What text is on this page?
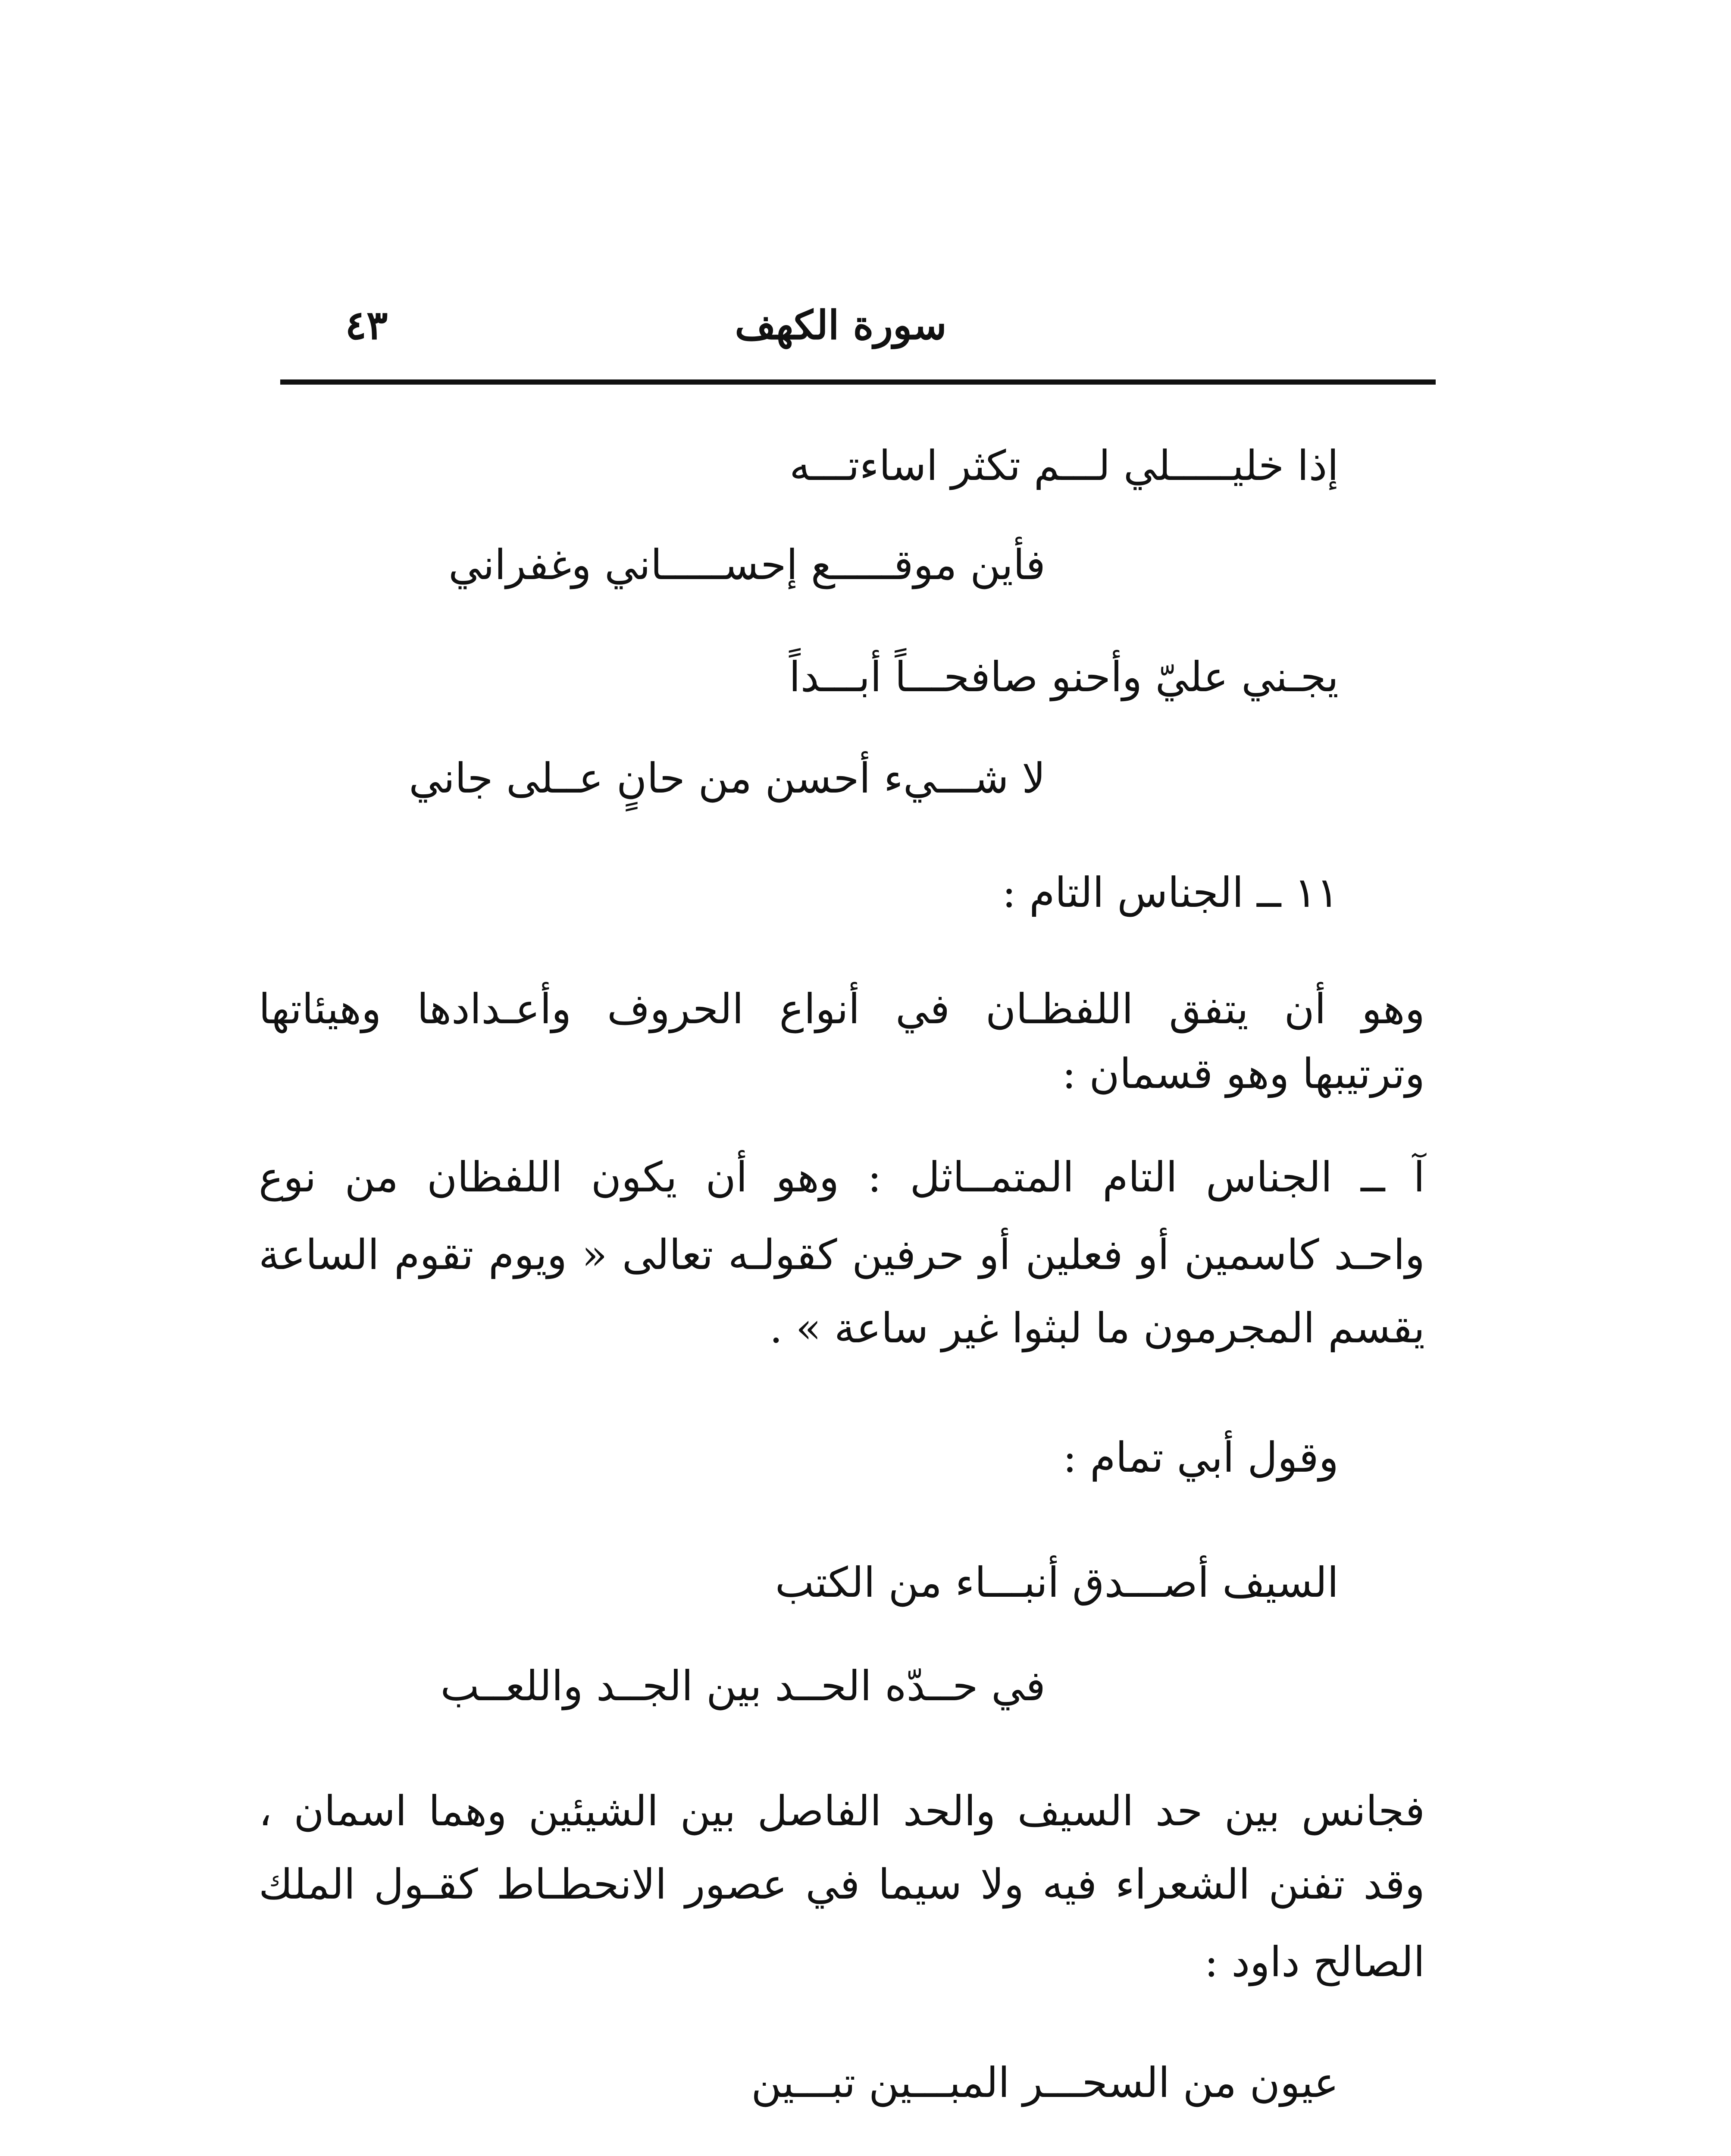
سورة الكهف
٤٣
إذا خليـــــلي لـــم تكثر اساءتـــه
فأين موقـــــع إحســـــاني وغفراني
يجـني عليّ وأحنو صافحـــاً أبـــداً
لا شـــيء أحسن من حانٍ عــلى جاني
١١ ــ الجناس التام :
وهو أن يتفق اللفظـان في أنواع الحروف وأعـدادها وهيئاتها
وترتيبها وهو قسمان :
آ ــ الجناس التام المتمــاثل : وهو أن يكون اللفظان من نوع
واحـد كاسمين أو فعلين أو حرفين كقولـه تعالى « ويوم تقوم الساعة
يقسم المجرمون ما لبثوا غير ساعة » .
وقول أبي تمام :
السيف أصـــدق أنبـــاء من الكتب
في حــدّه الحــد بين الجــد واللعــب
فجانس بين حد السيف والحد الفاصل بين الشيئين وهما اسمان ،
وقد تفنن الشعراء فيه ولا سيما في عصور الانحطـاط كقـول الملك
الصالح داود :
عيون من السحـــر المبـــين تبـــين
